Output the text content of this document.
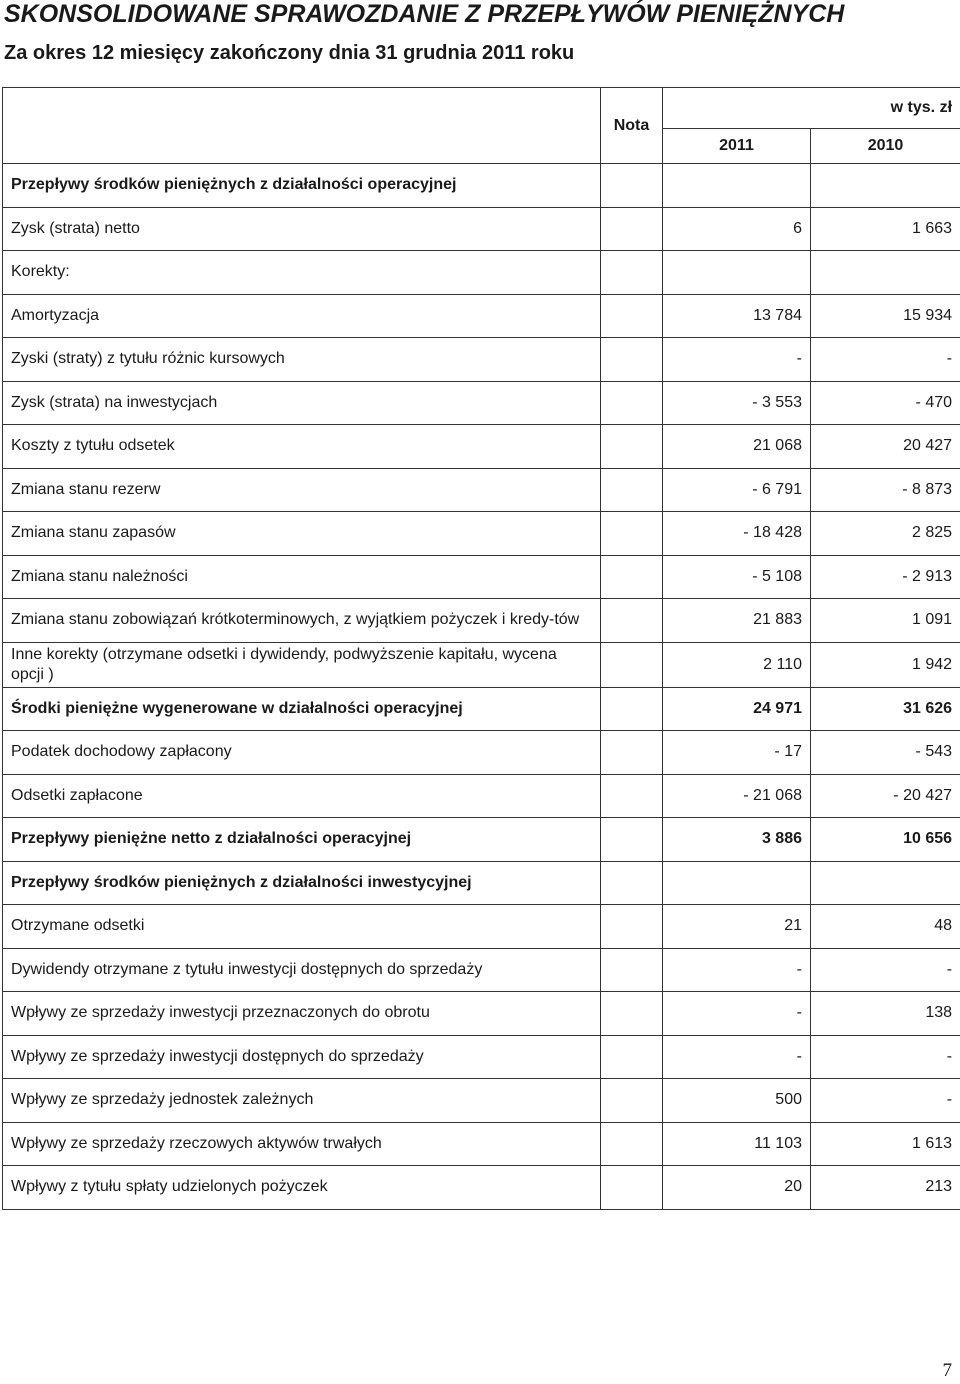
SKONSOLIDOWANE SPRAWOZDANIE Z PRZEPŁYWÓW PIENIĘŻNYCH
Za okres 12 miesięcy zakończony dnia 31 grudnia 2011 roku
	Nota	w tys. zł	
		2011	2010
Przepływy środków pieniężnych z działalności operacyjnej			
Zysk (strata) netto		6	1 663
Korekty:			
Amortyzacja		13 784	15 934
Zyski (straty) z tytułu różnic kursowych		-	-
Zysk (strata) na inwestycjach		- 3 553	- 470
Koszty z tytułu odsetek		21 068	20 427
Zmiana stanu rezerw		- 6 791	- 8 873
Zmiana stanu zapasów		- 18 428	2 825
Zmiana stanu należności		- 5 108	- 2 913
Zmiana stanu zobowiązań krótkoterminowych, z wyjątkiem pożyczek i kredy-tów		21 883	1 091
Inne korekty (otrzymane odsetki i dywidendy, podwyższenie kapitału, wycena opcji )		2 110	1 942
Środki pieniężne wygenerowane w działalności operacyjnej		24 971	31 626
Podatek dochodowy zapłacony		- 17	- 543
Odsetki zapłacone		- 21 068	- 20 427
Przepływy pieniężne netto z działalności operacyjnej		3 886	10 656
Przepływy środków pieniężnych z działalności inwestycyjnej			
Otrzymane odsetki		21	48
Dywidendy otrzymane z tytułu inwestycji dostępnych do sprzedaży		-	-
Wpływy ze sprzedaży inwestycji przeznaczonych do obrotu		-	138
Wpływy ze sprzedaży inwestycji dostępnych do sprzedaży		-	-
Wpływy ze sprzedaży jednostek zależnych		500	-
Wpływy ze sprzedaży rzeczowych aktywów trwałych		11 103	1 613
Wpływy z tytułu spłaty udzielonych pożyczek		20	213
7
